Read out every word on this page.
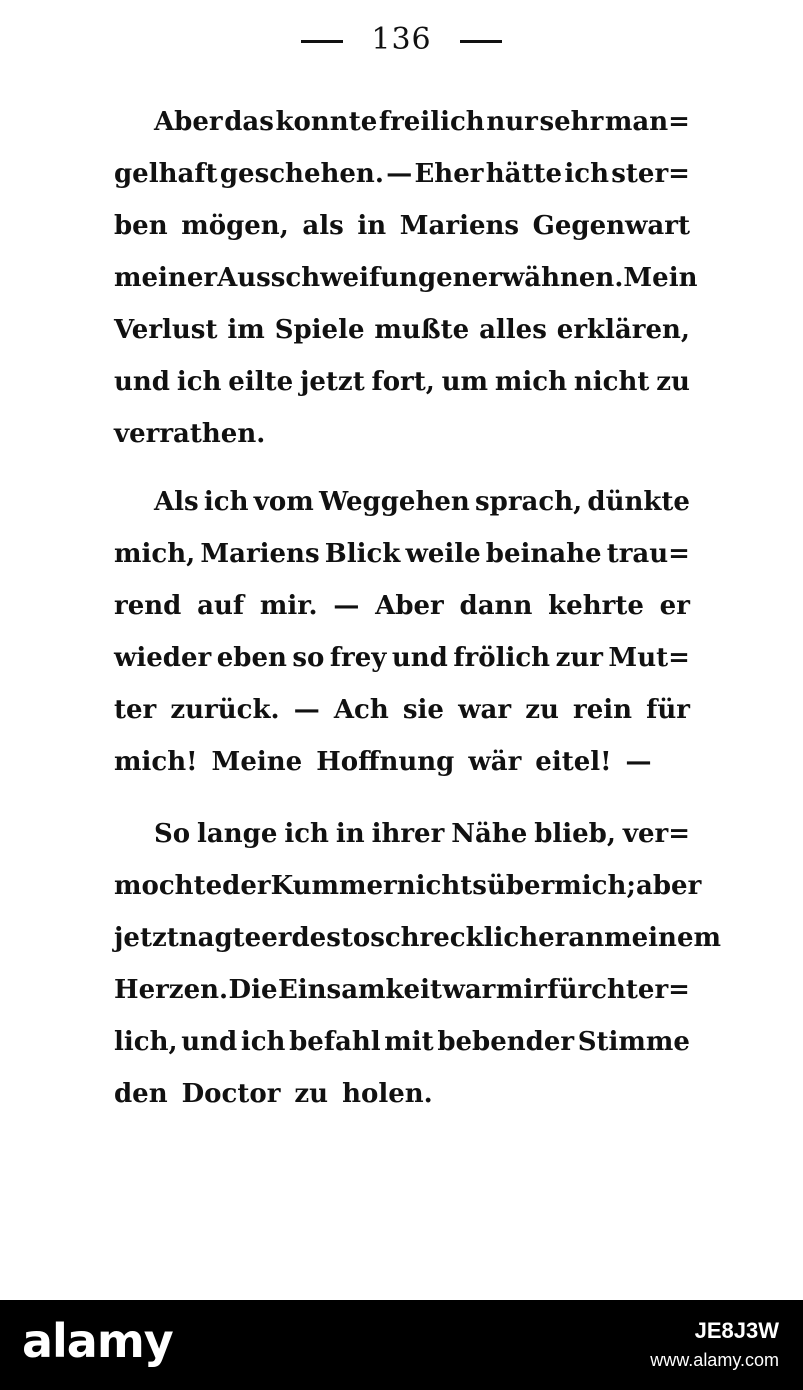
136
Aber das konnte freilich nur sehr man=
gelhaft geschehen. — Eher hätte ich ster=
ben mögen, als in Mariens Gegenwart
meiner Ausschweifungen erwähnen. Mein
Verlust im Spiele mußte alles erklären,
und ich eilte jetzt fort, um mich nicht zu
verrathen.
Als ich vom Weggehen sprach, dünkte
mich, Mariens Blick weile beinahe trau=
rend auf mir. — Aber dann kehrte er
wieder eben so frey und frölich zur Mut=
ter zurück. — Ach sie war zu rein für
mich! Meine Hoffnung wär eitel! —
So lange ich in ihrer Nähe blieb, ver=
mochte der Kummer nichts über mich; aber
jetzt nagte er desto schrecklicher an meinem
Herzen. Die Einsamkeit war mir fürchter=
lich, und ich befahl mit bebender Stimme
den Doctor zu holen.
alamy	JE8J3W
www.alamy.com
